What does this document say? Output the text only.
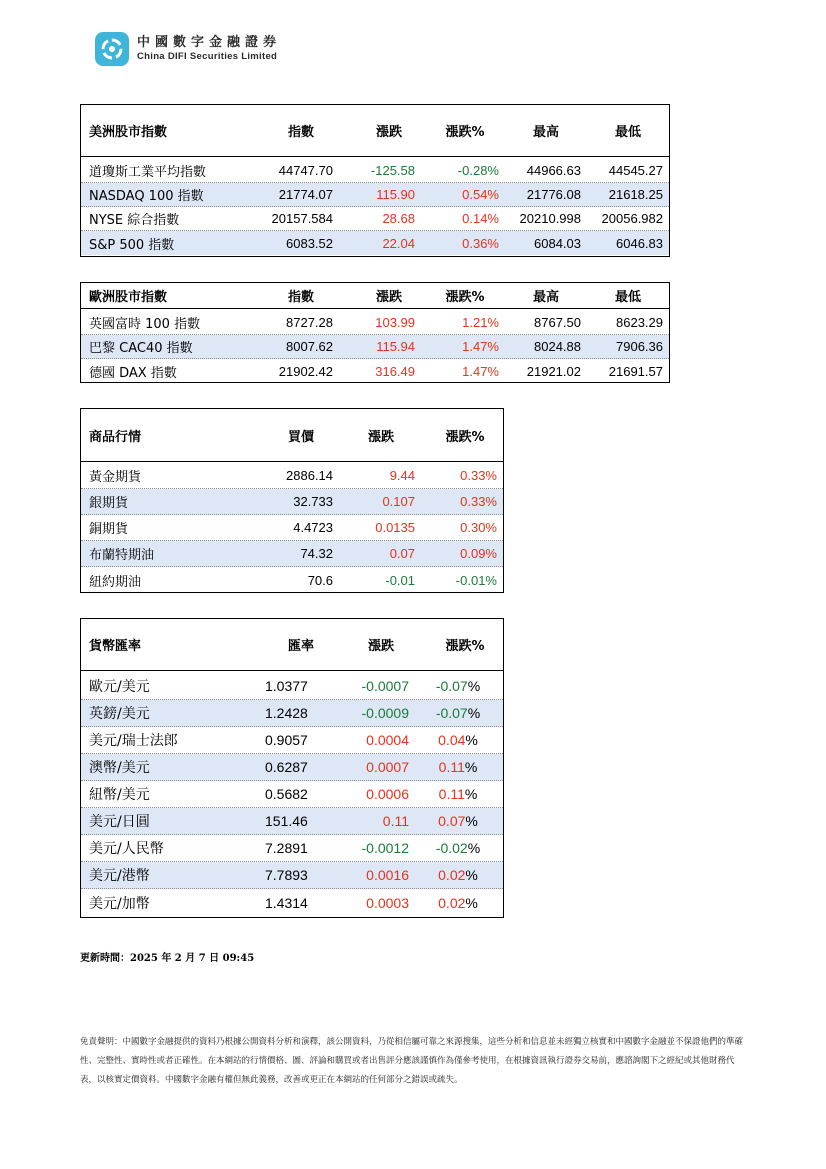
中國數字金融證券
China DIFI Securities Limited
美洲股市指數	指數	漲跌	漲跌%	最高	最低
道瓊斯工業平均指數	44747.70	-125.58	-0.28%	44966.63	44545.27
NASDAQ 100 指數	21774.07	115.90	0.54%	21776.08	21618.25
NYSE 綜合指數	20157.584	28.68	0.14%	20210.998	20056.982
S&P 500 指數	6083.52	22.04	0.36%	6084.03	6046.83
歐洲股市指數	指數	漲跌	漲跌%	最高	最低
英國富時 100 指數	8727.28	103.99	1.21%	8767.50	8623.29
巴黎 CAC40 指數	8007.62	115.94	1.47%	8024.88	7906.36
德國 DAX 指數	21902.42	316.49	1.47%	21921.02	21691.57
商品行情	買價	漲跌	漲跌%
黃金期貨	2886.14	9.44	0.33%
銀期貨	32.733	0.107	0.33%
銅期貨	4.4723	0.0135	0.30%
布蘭特期油	74.32	0.07	0.09%
紐約期油	70.6	-0.01	-0.01%
貨幣匯率	匯率	漲跌	漲跌%
歐元/美元	1.0377	-0.0007 -0.07 %
英鎊/美元	1.2428	-0.0009 -0.07 %
美元/瑞士法郎	0.9057	0.0004 0.04 %
澳幣/美元	0.6287	0.0007 0.11 %
紐幣/美元	0.5682	0.0006 0.11 %
美元/日圓	151.46	0.11 0.07 %
美元/人民幣	7.2891	-0.0012 -0.02 %
美元/港幣	7.7893	0.0016 0.02 %
美元/加幣	1.4314	0.0003 0.02 %
更新時間：2025 年 2 月 7 日 09:45
免責聲明：中國數字金融提供的資料乃根據公開資料分析和演釋，該公開資料，乃從相信屬可靠之來源搜集，這些分析和信息並未經獨立核實和中國數字金融並不保證他們的準確性、完整性、實時性或者正確性。在本網站的行情價格、圖、評論和購買或者出售評分應該謹慎作為僅參考使用，在根據資訊執行證券交易前，應諮詢閣下之經紀或其他財務代表，以核實定價資料。中國數字金融有權但無此義務，改善或更正在本網站的任何部分之錯誤或疏失。
